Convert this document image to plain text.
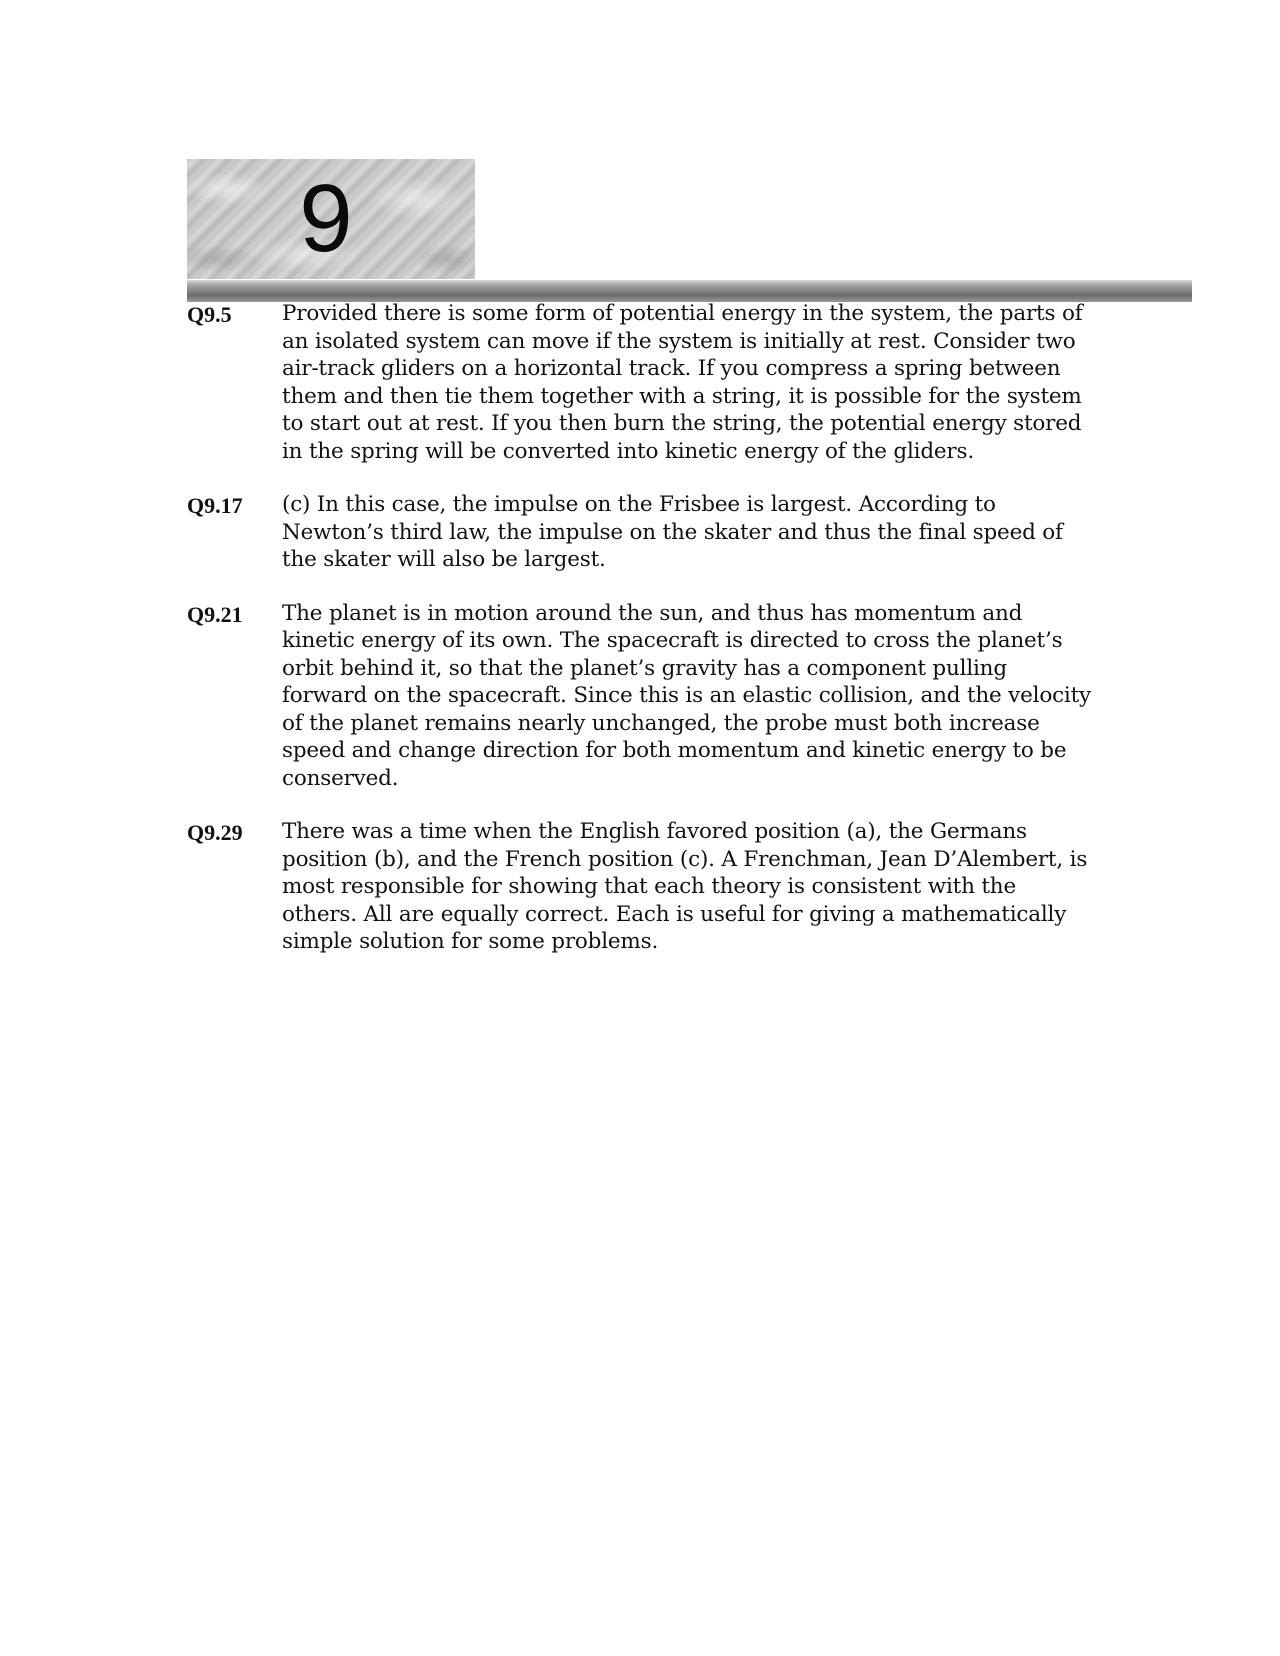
9
Q9.5	Provided there is some form of potential energy in the system, the parts of an isolated system can move if the system is initially at rest. Consider two air-track gliders on a horizontal track. If you compress a spring between them and then tie them together with a string, it is possible for the system to start out at rest. If you then burn the string, the potential energy stored in the spring will be converted into kinetic energy of the gliders.

Q9.17	(c) In this case, the impulse on the Frisbee is largest. According to Newton’s third law, the impulse on the skater and thus the final speed of the skater will also be largest.

Q9.21	The planet is in motion around the sun, and thus has momentum and kinetic energy of its own. The spacecraft is directed to cross the planet’s orbit behind it, so that the planet’s gravity has a component pulling forward on the spacecraft. Since this is an elastic collision, and the velocity of the planet remains nearly unchanged, the probe must both increase speed and change direction for both momentum and kinetic energy to be conserved.

Q9.29	There was a time when the English favored position (a), the Germans position (b), and the French position (c). A Frenchman, Jean D’Alembert, is most responsible for showing that each theory is consistent with the others. All are equally correct. Each is useful for giving a mathematically simple solution for some problems.
